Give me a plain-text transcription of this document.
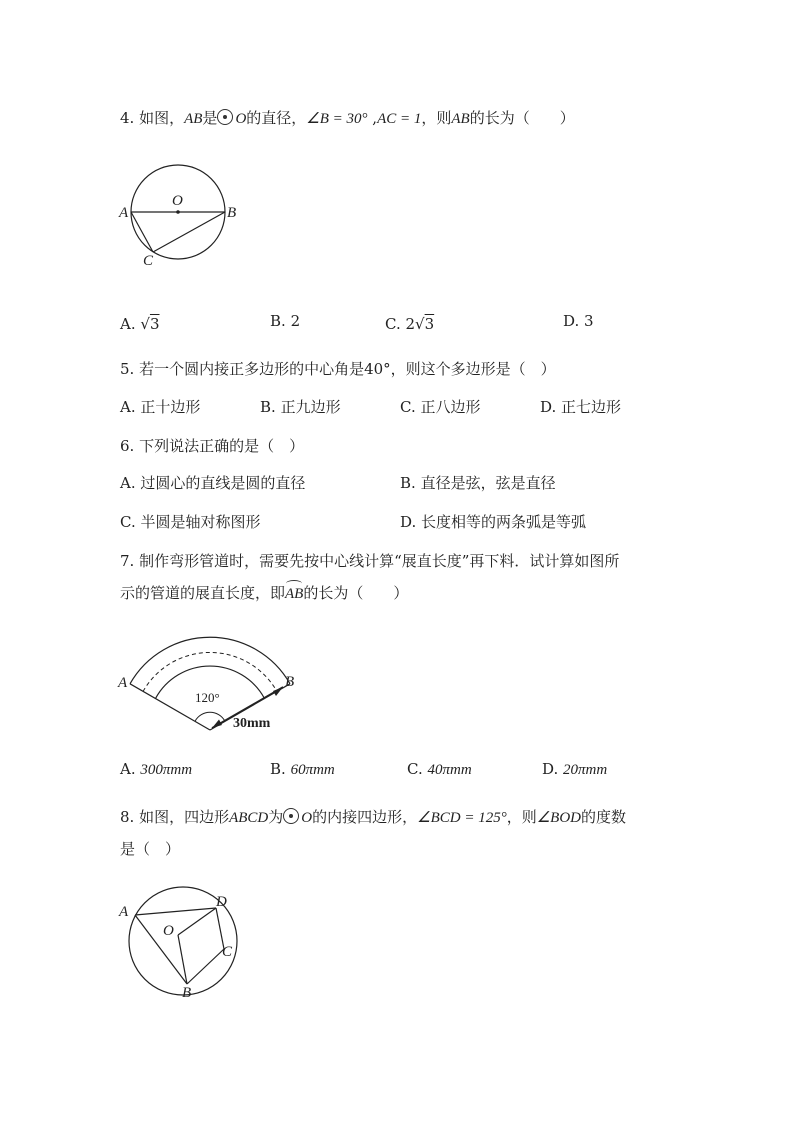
4. 如图，AB是 O的直径，∠B = 30° ,AC = 1，则AB的长为（　　）
O
A	B
C
A. √3	B. 2	C. 2√3	D. 3
5. 若一个圆内接正多边形的中心角是40°，则这个多边形是（　）
A. 正十边形	B. 正九边形	C. 正八边形	D. 正七边形
6. 下列说法正确的是（　）
A. 过圆心的直线是圆的直径	B. 直径是弦，弦是直径
C. 半圆是轴对称图形	D. 长度相等的两条弧是等弧
7. 制作弯形管道时，需要先按中心线计算“展直长度”再下料．试计算如图所
示的管道的展直长度，即AB的长为（　　）
A	B
120°
30mm
A. 300πmm	B. 60πmm	C. 40πmm	D. 20πmm
8. 如图，四边形ABCD为 O的内接四边形，∠BCD = 125°，则∠BOD的度数
是（　）
A
D
O
C
B
